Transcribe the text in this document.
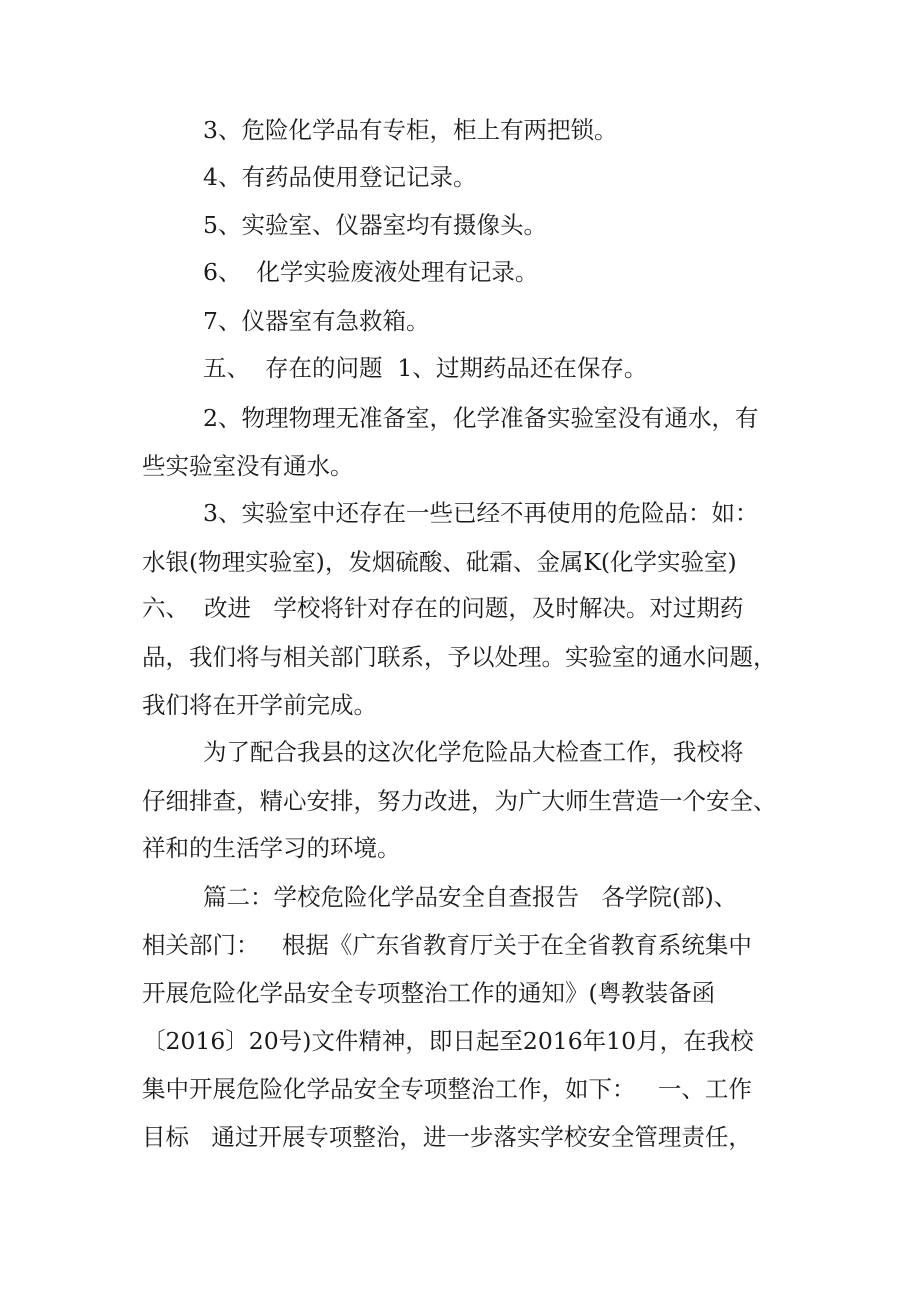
3、危险化学品有专柜，柜上有两把锁。

4、有药品使用登记记录。

5、实验室、仪器室均有摄像头。

6、  化学实验废液处理有记录。

7、仪器室有急救箱。

五、  存在的问题  1、过期药品还在保存。

2、物理物理无准备室，化学准备实验室没有通水，有

些实验室没有通水。

3、实验室中还存在一些已经不再使用的危险品：如：

水银(物理实验室)，发烟硫酸、砒霜、金属K(化学实验室)

六、  改进   学校将针对存在的问题，及时解决。对过期药

品，我们将与相关部门联系，予以处理。实验室的通水问题，

我们将在开学前完成。

为了配合我县的这次化学危险品大检查工作，我校将

仔细排查，精心安排，努力改进，为广大师生营造一个安全、

祥和的生活学习的环境。

篇二：学校危险化学品安全自查报告   各学院(部)、

相关部门：   根据《广东省教育厅关于在全省教育系统集中

开展危险化学品安全专项整治工作的通知》(粤教装备函

〔2016〕20号)文件精神，即日起至2016年10月，在我校

集中开展危险化学品安全专项整治工作，如下：   一、工作

目标   通过开展专项整治，进一步落实学校安全管理责任，
